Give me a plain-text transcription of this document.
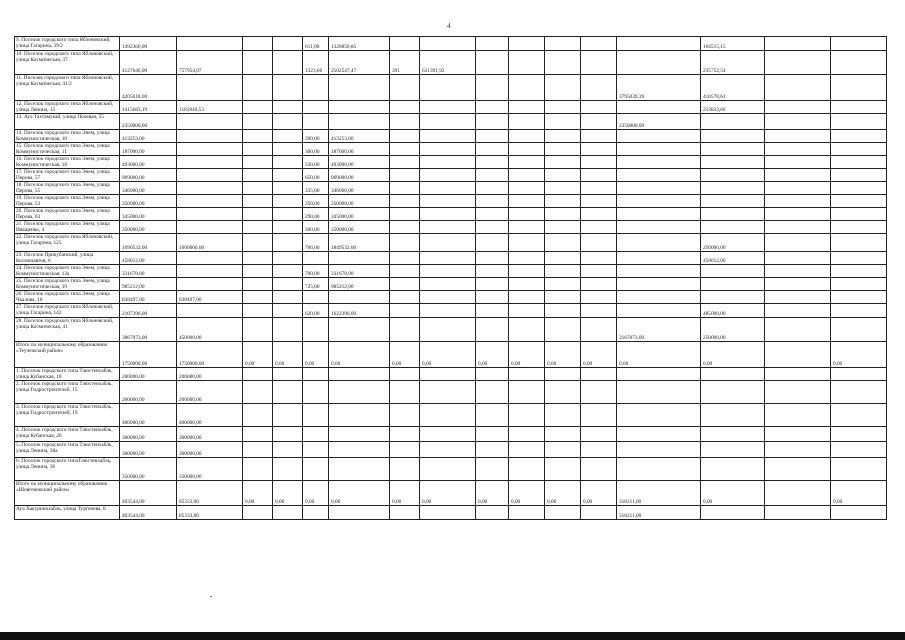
4
9. Поселок городского типа Яблоновский, улица Гагарина, 39/2	1492366,00				611,00	1328850,85								164515,15		
10. Поселок городского типа Яблоновский, улица Космическая, 37	4127646,00	757954,07			1323,00	2502547,47	391	631391,92						235752,54		
11. Поселок городского типа Яблоновский, улица Космическая, 41/2	4205618,00												3795039,39	410578,61		
12. Поселок городского типа Яблоновский, улица Ленина, 15	1415683,19	1181849,53												233833,66		
13. Аул Тахтамукай, улица Полевая, 55	2350000,00												2350000,00			
14. Поселок городского типа Энем, улица Коммунистическая, 10	413253,00				390,00	413253,00										
15. Поселок городского типа Энем, улица Коммунистическая, 11	187000,00				300,00	187000,00										
16. Поселок городского типа Энем, улица Коммунистическая, 18	493000,00				330,00	493000,00										
17. Поселок городского типа Энем, улица Перова, 57	969000,00				650,00	969000,00										
18. Поселок городского типа Энем, улица Перова, 55	346000,00				335,00	346000,00										
19. Поселок городского типа Энем, улица Перова, 53	350000,00				350,00	350000,00										
20. Поселок городского типа Энем, улица Перова, 63	345000,00				290,00	345000,00										
21. Поселок городского типа Энем, улица Иващенко, 4	350000,00				300,00	350000,00										
22. Поселок городского типа Яблоновский, улица Гагарина, 125	1090532,00	1000000,00			706,00	1849532,00								250000,00		
23. Поселок Прикубанский, улица Космонавтов, 6	458012,00													458012,00		
24. Поселок городского типа Энем, улица Коммунистическая, 12а	331678,00				700,00	331678,00										
25. Поселок городского типа Энем, улица Коммунистическая, 19	985212,00				725,00	985212,00										
26. Поселок городского типа Энем, улица Чкалова, 10	838497,00	838497,00														
27. Поселок городского типа Яблоновский, улица Гагарина, 142	2107396,00				620,00	1622396,00								485000,00		
28. Поселок городского типа Яблоновский, улица Космическая, 41	3867073,00	450000,00											3167073,00	250000,00		
Итого по муниципальному образованию «Теучежский район»	1750000,00	1750000,00	0,00	0,00	0,00	0,00	0,00	0,00	0,00	0,00	0,00	0,00	0,00	0,00		0,00
1. Поселок городского типа Тлюстенхабль, улица Кубанская, 18	200000,00	200000,00														
2. Поселок городского типа Тлюстенхабль, улица Гидростроителей, 15	200000,00	200000,00														
3. Поселок городского типа Тлюстенхабль, улица Гидростроителей, 19	400000,00	400000,00														
4. Поселок городского типа Тлюстенхабль, улица Кубанская, 20	300000,00	300000,00														
5. Поселок городского типа Тлюстенхабль, улица Ленина, 38а	300000,00	300000,00														
6. Поселок городского типаТлюстенхабль, улица Ленина, 36	350000,00	350000,00														
Итого по муниципальному образованию «Шовгеновский район»	403544,00	85333,00	0,00	0,00	0,00	0,00	0,00	0,00	0,00	0,00	0,00	0,00	318211,00	0,00		0,00
Аул Хакуринохабль, улица Тургенева, 8	403544,00	85333,00											318211,00			
